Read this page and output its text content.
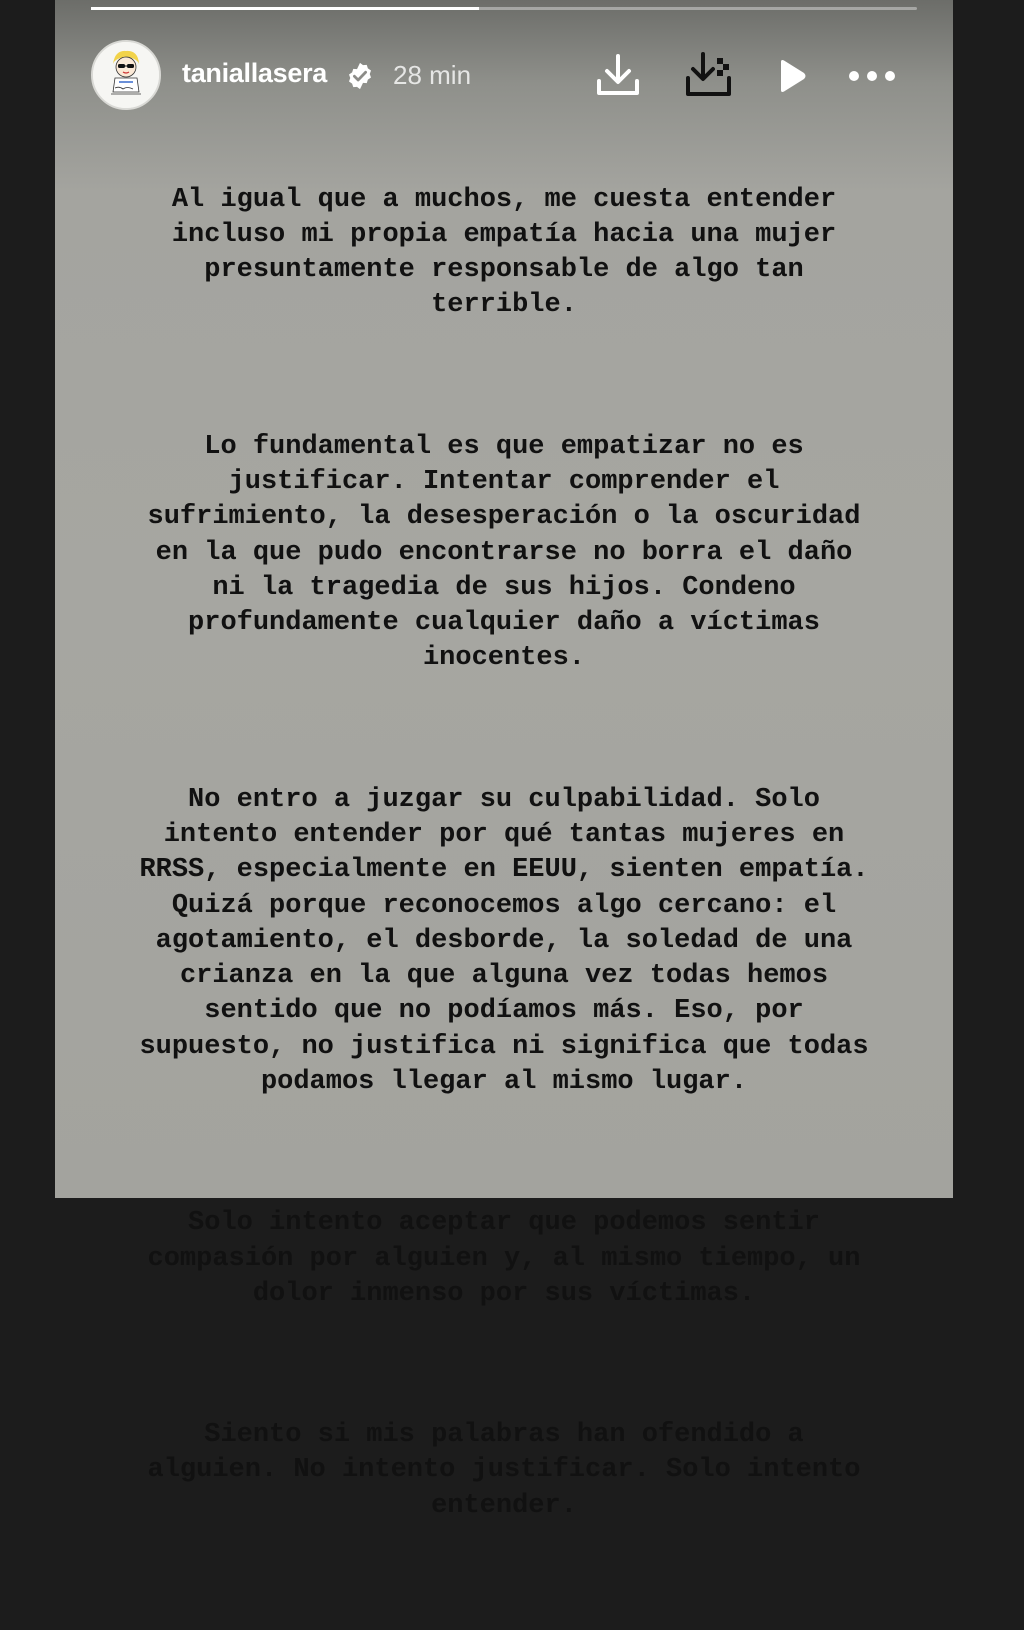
taniallasera	28 min

Al igual que a muchos, me cuesta entender
incluso mi propia empatía hacia una mujer
presuntamente responsable de algo tan
terrible.

Lo fundamental es que empatizar no es
justificar. Intentar comprender el
sufrimiento, la desesperación o la oscuridad
en la que pudo encontrarse no borra el daño
ni la tragedia de sus hijos. Condeno
profundamente cualquier daño a víctimas
inocentes.

No entro a juzgar su culpabilidad. Solo
intento entender por qué tantas mujeres en
RRSS, especialmente en EEUU, sienten empatía.
Quizá porque reconocemos algo cercano: el
agotamiento, el desborde, la soledad de una
crianza en la que alguna vez todas hemos
sentido que no podíamos más. Eso, por
supuesto, no justifica ni significa que todas
podamos llegar al mismo lugar.

Solo intento aceptar que podemos sentir
compasión por alguien y, al mismo tiempo, un
dolor inmenso por sus víctimas.

Siento si mis palabras han ofendido a
alguien. No intento justificar. Solo intento
entender.
